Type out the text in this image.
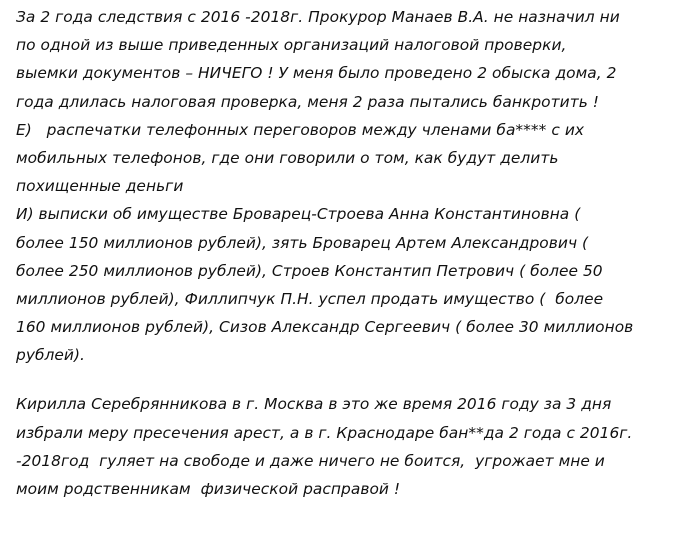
За 2 года следствия с 2016 -2018г. Прокурор Манаев В.А. не назначил ни
по одной из выше приведенных организаций налоговой проверки,
выемки документов – НИЧЕГО ! У меня было проведено 2 обыска дома, 2
года длилась налоговая проверка, меня 2 раза пытались банкротить !
Е)   распечатки телефонных переговоров между членами ба**** с их
мобильных телефонов, где они говорили о том, как будут делить
похищенные деньги
И) выписки об имуществе Броварец-Строева Анна Константиновна (
более 150 миллионов рублей), зять Броварец Артем Александрович (
более 250 миллионов рублей), Строев Константип Петрович ( более 50
миллионов рублей), Филлипчук П.Н. успел продать имущество (  более
160 миллионов рублей), Сизов Александр Сергеевич ( более 30 миллионов
рублей).
Кирилла Серебрянникова в г. Москва в это же время 2016 году за 3 дня
избрали меру пресечения арест, а в г. Краснодаре бан**да 2 года с 2016г.
-2018год  гуляет на свободе и даже ничего не боится,  угрожает мне и
моим родственникам  физической расправой !
